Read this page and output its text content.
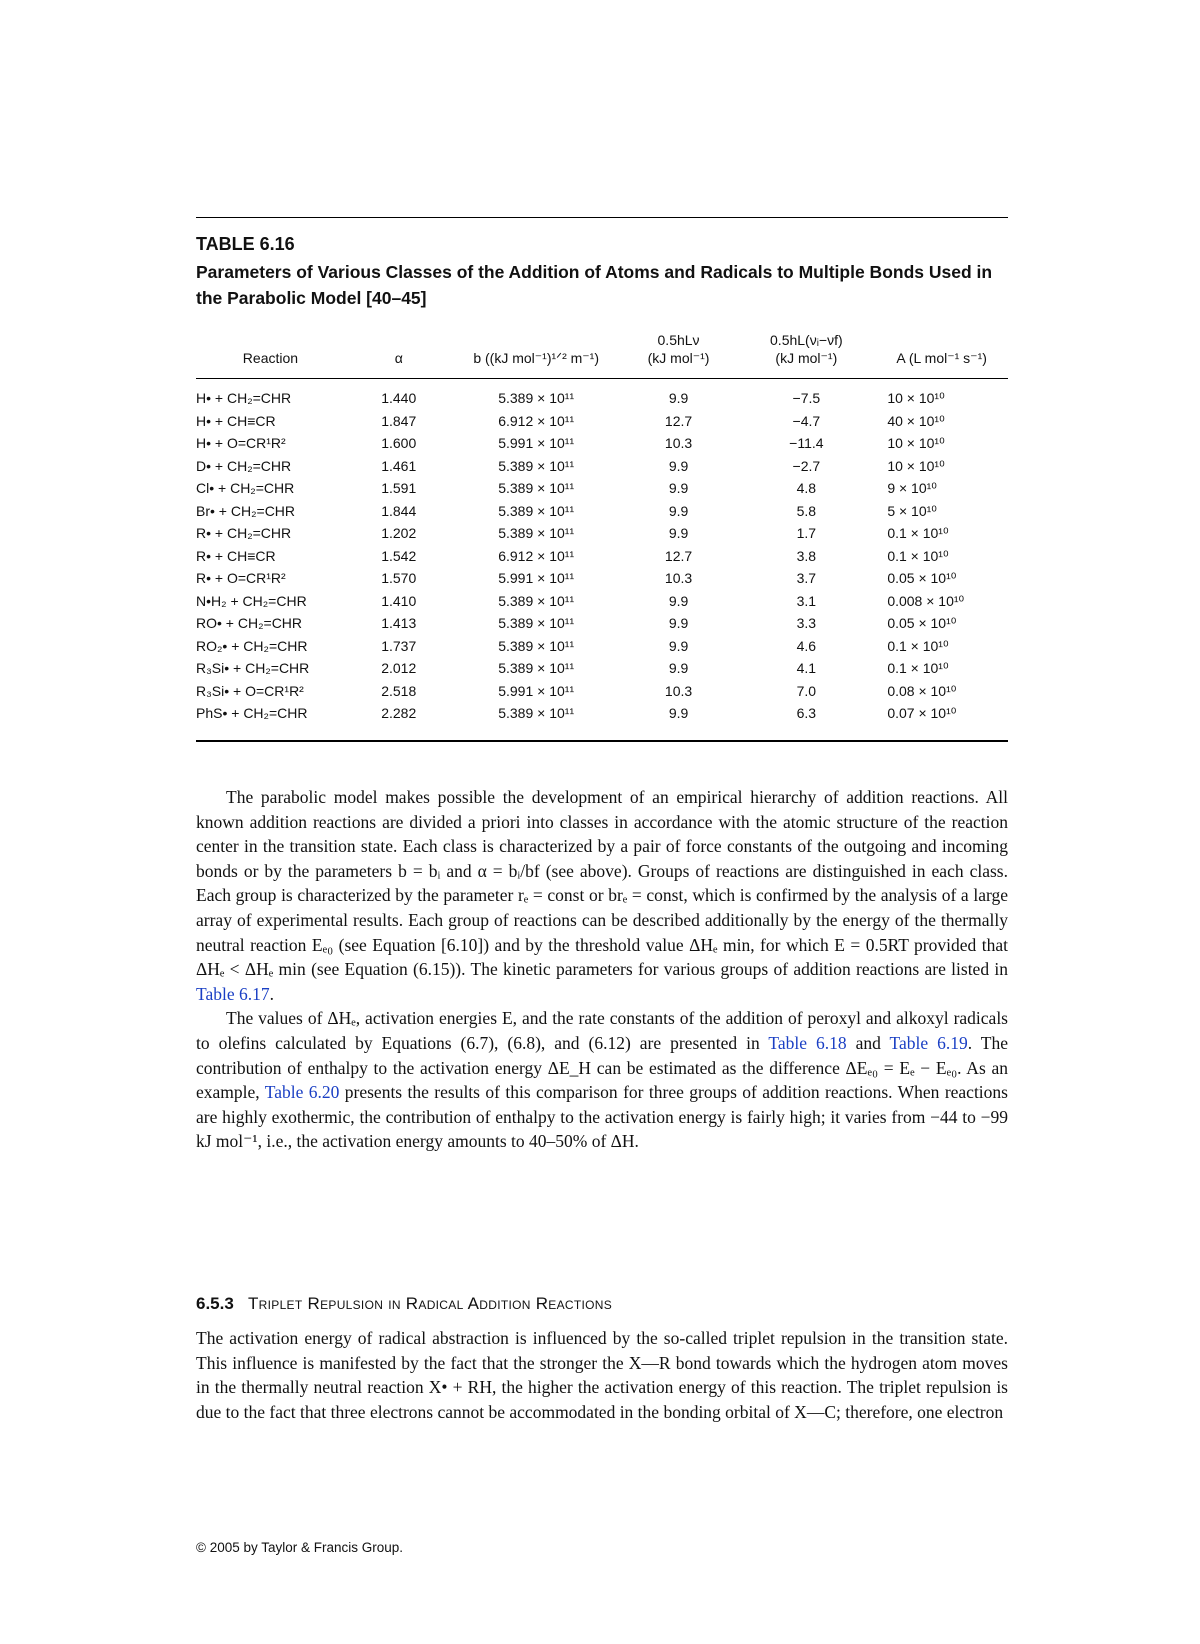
TABLE 6.16
Parameters of Various Classes of the Addition of Atoms and Radicals to Multiple Bonds Used in the Parabolic Model [40–45]
			0.5hLν	0.5hL(νᵢ−νf)	
Reaction	α	b ((kJ mol⁻¹)¹ᐟ² m⁻¹)	(kJ mol⁻¹)	(kJ mol⁻¹)	A (L mol⁻¹ s⁻¹)
H• + CH₂=CHR	1.440	5.389 × 10¹¹	9.9	−7.5	10 × 10¹⁰
H• + CH≡CR	1.847	6.912 × 10¹¹	12.7	−4.7	40 × 10¹⁰
H• + O=CR¹R²	1.600	5.991 × 10¹¹	10.3	−11.4	10 × 10¹⁰
D• + CH₂=CHR	1.461	5.389 × 10¹¹	9.9	−2.7	10 × 10¹⁰
Cl• + CH₂=CHR	1.591	5.389 × 10¹¹	9.9	4.8	9 × 10¹⁰
Br• + CH₂=CHR	1.844	5.389 × 10¹¹	9.9	5.8	5 × 10¹⁰
R• + CH₂=CHR	1.202	5.389 × 10¹¹	9.9	1.7	0.1 × 10¹⁰
R• + CH≡CR	1.542	6.912 × 10¹¹	12.7	3.8	0.1 × 10¹⁰
R• + O=CR¹R²	1.570	5.991 × 10¹¹	10.3	3.7	0.05 × 10¹⁰
N•H₂ + CH₂=CHR	1.410	5.389 × 10¹¹	9.9	3.1	0.008 × 10¹⁰
RO• + CH₂=CHR	1.413	5.389 × 10¹¹	9.9	3.3	0.05 × 10¹⁰
RO₂• + CH₂=CHR	1.737	5.389 × 10¹¹	9.9	4.6	0.1 × 10¹⁰
R₃Si• + CH₂=CHR	2.012	5.389 × 10¹¹	9.9	4.1	0.1 × 10¹⁰
R₃Si• + O=CR¹R²	2.518	5.991 × 10¹¹	10.3	7.0	0.08 × 10¹⁰
PhS• + CH₂=CHR	2.282	5.389 × 10¹¹	9.9	6.3	0.07 × 10¹⁰

The parabolic model makes possible the development of an empirical hierarchy of addition reactions. All known addition reactions are divided a priori into classes in accordance with the atomic structure of the reaction center in the transition state. Each class is characterized by a pair of force constants of the outgoing and incoming bonds or by the parameters b = bᵢ and α = bᵢ/bf (see above). Groups of reactions are distinguished in each class. Each group is characterized by the parameter rₑ = const or brₑ = const, which is confirmed by the analysis of a large array of experimental results. Each group of reactions can be described additionally by the energy of the thermally neutral reaction Eₑ₀ (see Equation [6.10]) and by the threshold value ΔHₑ min, for which E = 0.5RT provided that ΔHₑ < ΔHₑ min (see Equation (6.15)). The kinetic parameters for various groups of addition reactions are listed in Table 6.17.

The values of ΔHₑ, activation energies E, and the rate constants of the addition of peroxyl and alkoxyl radicals to olefins calculated by Equations (6.7), (6.8), and (6.12) are presented in Table 6.18 and Table 6.19. The contribution of enthalpy to the activation energy ΔE_H can be estimated as the difference ΔEₑ₀ = Eₑ − Eₑ₀. As an example, Table 6.20 presents the results of this comparison for three groups of addition reactions. When reactions are highly exothermic, the contribution of enthalpy to the activation energy is fairly high; it varies from −44 to −99 kJ mol⁻¹, i.e., the activation energy amounts to 40–50% of ΔH.

6.5.3 Triplet Repulsion in Radical Addition Reactions

The activation energy of radical abstraction is influenced by the so-called triplet repulsion in the transition state. This influence is manifested by the fact that the stronger the X—R bond towards which the hydrogen atom moves in the thermally neutral reaction X• + RH, the higher the activation energy of this reaction. The triplet repulsion is due to the fact that three electrons cannot be accommodated in the bonding orbital of X—C; therefore, one electron

© 2005 by Taylor & Francis Group.
